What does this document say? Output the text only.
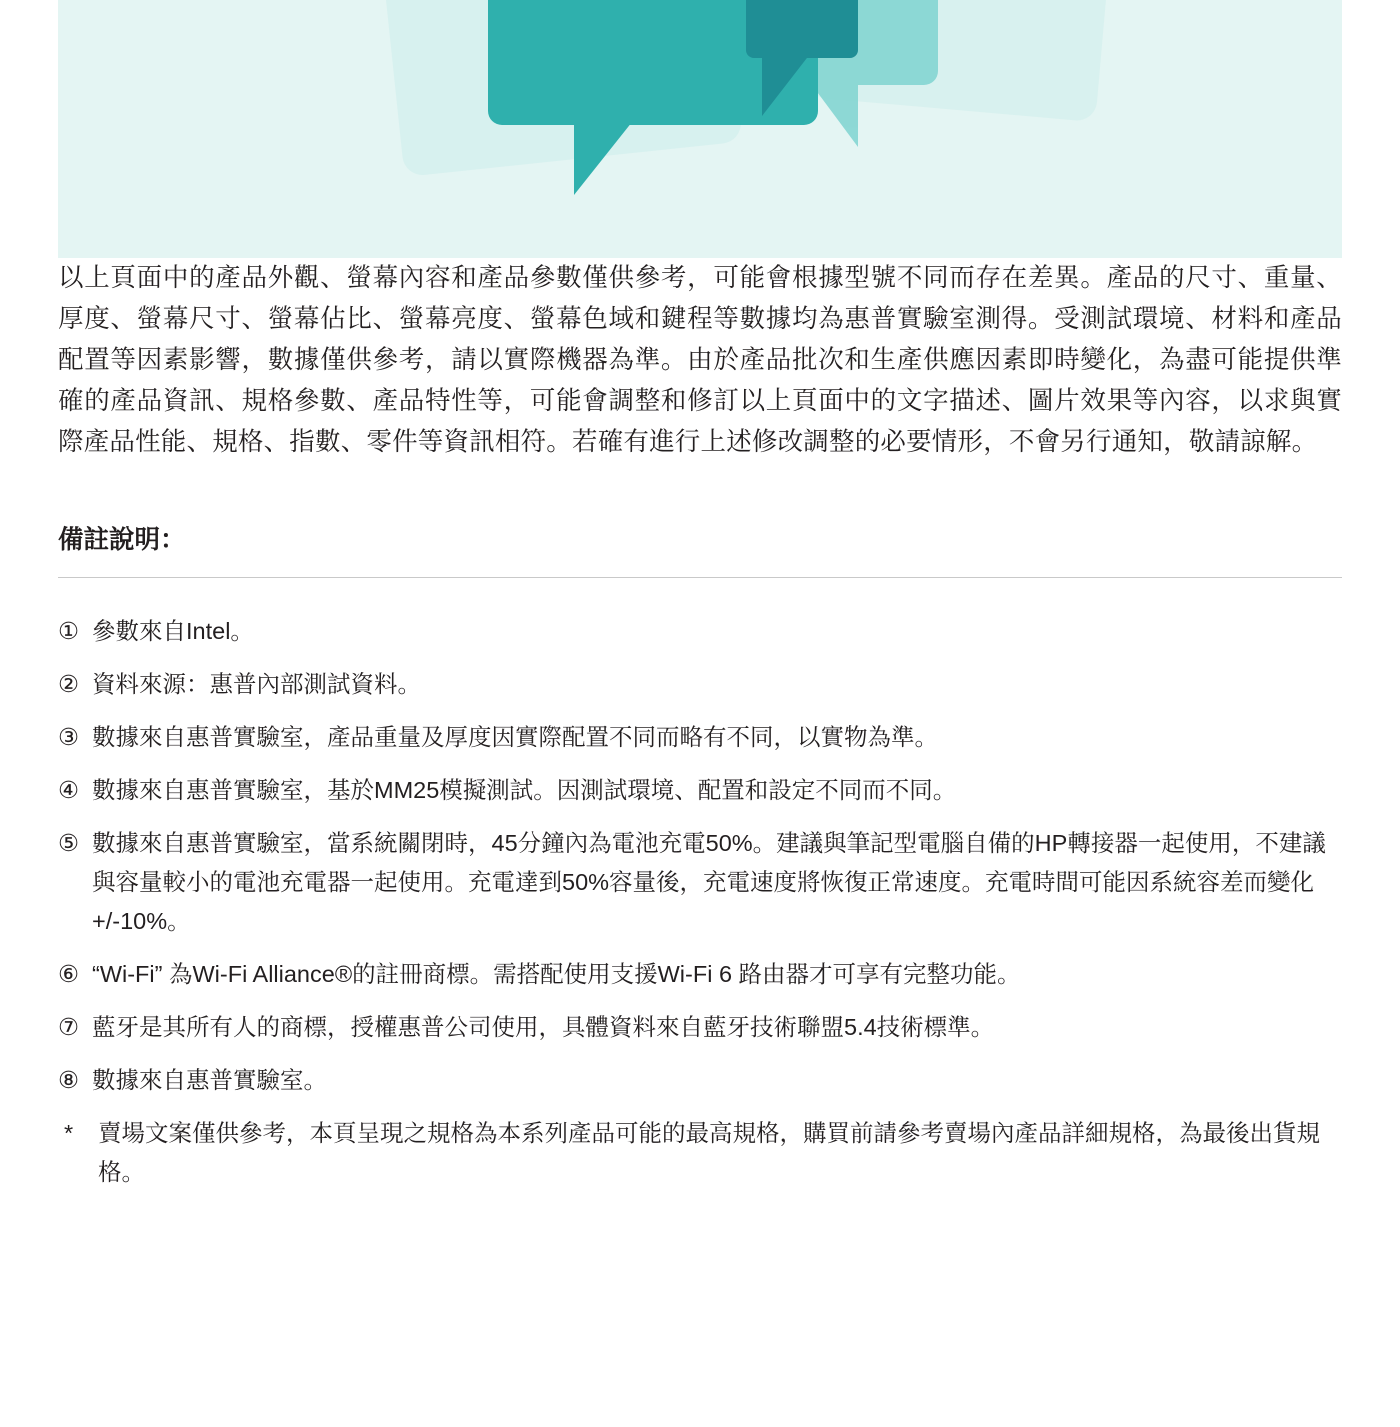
以上頁面中的產品外觀、螢幕內容和產品參數僅供參考，可能會根據型號不同而存在差異。產品的尺寸、重量、厚度、螢幕尺寸、螢幕佔比、螢幕亮度、螢幕色域和鍵程等數據均為惠普實驗室測得。受測試環境、材料和產品配置等因素影響，數據僅供參考，請以實際機器為準。由於產品批次和生產供應因素即時變化，為盡可能提供準確的產品資訊、規格參數、產品特性等，可能會調整和修訂以上頁面中的文字描述、圖片效果等內容，以求與實際產品性能、規格、指數、零件等資訊相符。若確有進行上述修改調整的必要情形，不會另行通知，敬請諒解。

備註說明：
① 參數來自Intel。
② 資料來源：惠普內部測試資料。
③ 數據來自惠普實驗室，產品重量及厚度因實際配置不同而略有不同，以實物為準。
④ 數據來自惠普實驗室，基於MM25模擬測試。因測試環境、配置和設定不同而不同。
⑤ 數據來自惠普實驗室，當系統關閉時，45分鐘內為電池充電50%。建議與筆記型電腦自備的HP轉接器一起使用，不建議與容量較小的電池充電器一起使用。充電達到50%容量後，充電速度將恢復正常速度。充電時間可能因系統容差而變化+/-10%。
⑥ “Wi-Fi” 為Wi-Fi Alliance®的註冊商標。需搭配使用支援Wi-Fi 6 路由器才可享有完整功能。
⑦ 藍牙是其所有人的商標，授權惠普公司使用，具體資料來自藍牙技術聯盟5.4技術標準。
⑧ 數據來自惠普實驗室。
*	賣場文案僅供參考，本頁呈現之規格為本系列產品可能的最高規格，購買前請參考賣場內產品詳細規格，為最後出貨規格。
